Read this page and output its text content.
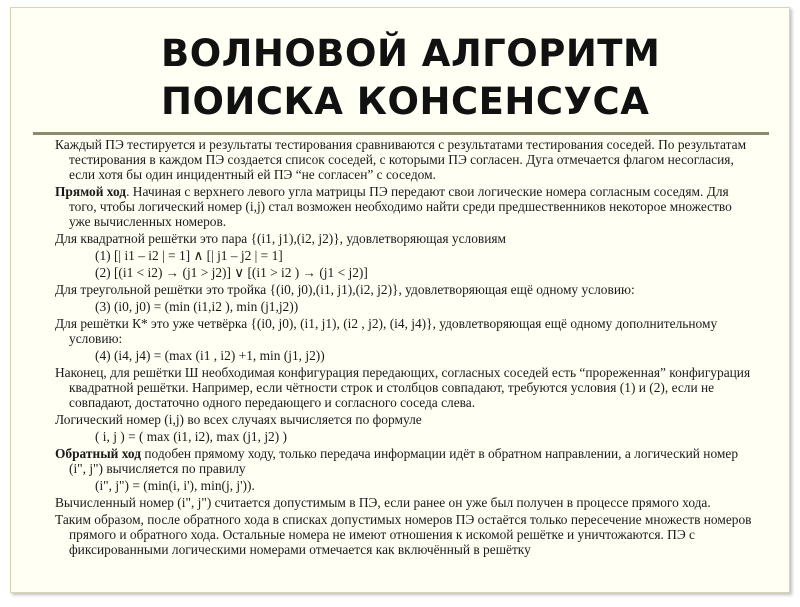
ВОЛНОВОЙ АЛГОРИТМ
ПОИСКА КОНСЕНСУСА

Каждый ПЭ тестируется и результаты тестирования сравниваются с результатами тестирования соседей. По результатам тестирования в каждом ПЭ создается список соседей, с которыми ПЭ согласен. Дуга отмечается флагом несогласия, если хотя бы один инцидентный ей ПЭ “не согласен” с соседом.

Прямой ход. Начиная с верхнего левого угла матрицы ПЭ передают свои логические номера согласным соседям. Для того, чтобы логический номер (i,j) стал возможен необходимо найти среди предшественников некоторое множество уже вычисленных номеров.

Для квадратной решётки это пара {(i1, j1),(i2, j2)}, удовлетворяющая условиям

(1) [| i1 – i2 | = 1] ∧ [| j1 – j2 | = 1]

(2) [(i1 < i2) → (j1 > j2)] ∨ [(i1 > i2 ) → (j1 < j2)]

Для треугольной решётки это тройка {(i0, j0),(i1, j1),(i2, j2)}, удовлетворяющая ещё одному условию:

(3) (i0, j0) = (min (i1,i2 ), min (j1,j2))

Для решётки К* это уже четвёрка {(i0, j0), (i1, j1), (i2 , j2), (i4, j4)}, удовлетворяющая ещё одному дополнительному условию:

(4) (i4, j4) = (max (i1 , i2) +1, min (j1, j2))

Наконец, для решётки Ш необходимая конфигурация передающих, согласных соседей есть “прореженная” конфигурация квадратной решётки. Например, если чётности строк и столбцов совпадают, требуются условия (1) и (2), если не совпадают, достаточно одного передающего и согласного соседа слева.

Логический номер (i,j) во всех случаях вычисляется по формуле

( i, j ) = ( max (i1, i2), max (j1, j2) )

Обратный ход подобен прямому ходу, только передача информации идёт в обратном направлении, а логический номер (i", j") вычисляется по правилу

(i", j") = (min(i, i'), min(j, j')).

Вычисленный номер (i", j") считается допустимым в ПЭ, если ранее он уже был получен в процессе прямого хода.

Таким образом, после обратного хода в списках допустимых номеров ПЭ остаётся только пересечение множеств номеров прямого и обратного хода. Остальные номера не имеют отношения к искомой решётке и уничтожаются. ПЭ с фиксированными логическими номерами отмечается как включённый в решётку
